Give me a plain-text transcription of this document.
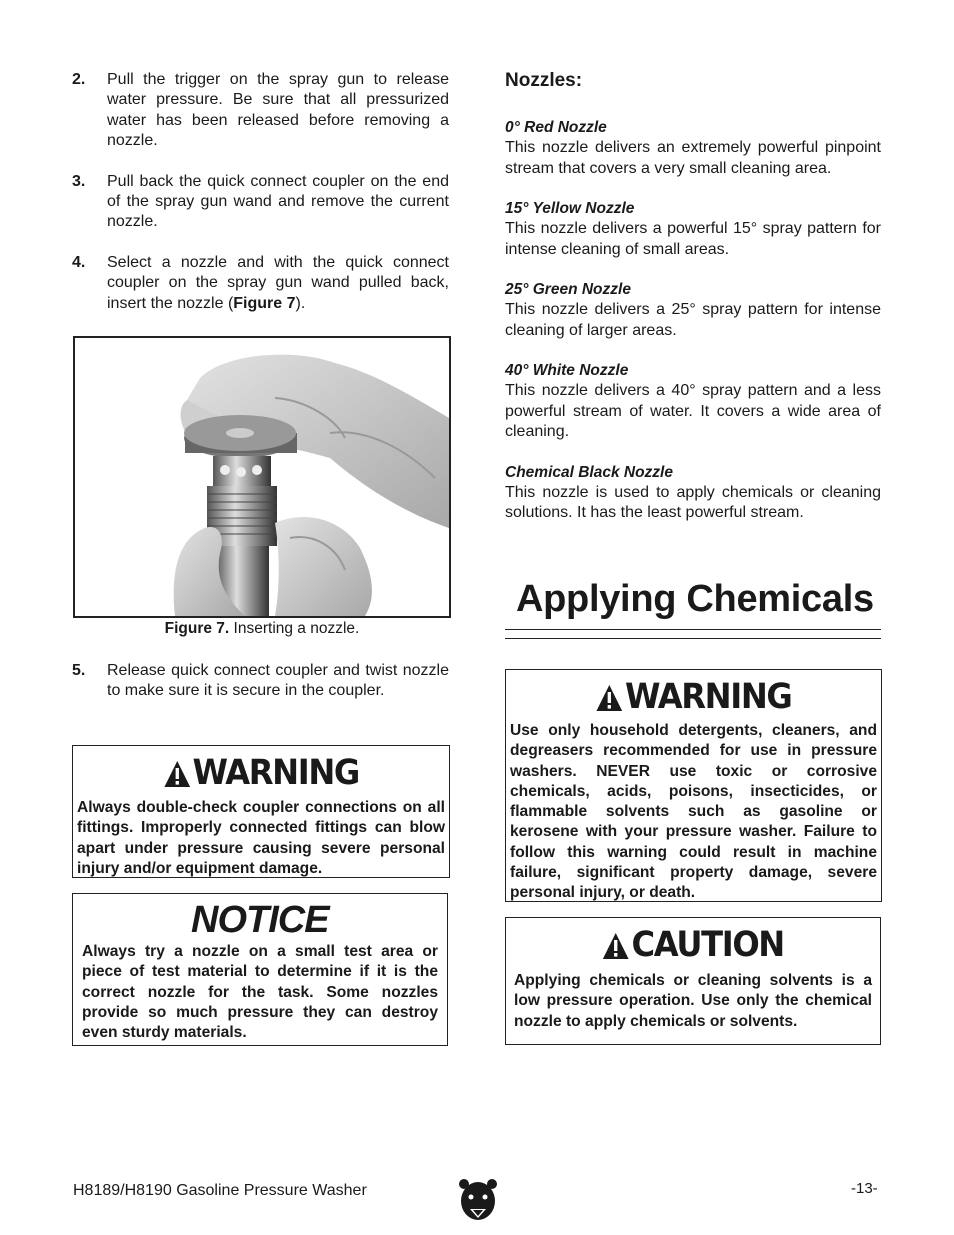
2.	Pull the trigger on the spray gun to release water pressure. Be sure that all pressurized water has been released before removing a nozzle.
3.	Pull back the quick connect coupler on the end of the spray gun wand and remove the current nozzle.
4.	Select a nozzle and with the quick connect coupler on the spray gun wand pulled back, insert the nozzle (Figure 7).
Figure 7. Inserting a nozzle.
5.	Release quick connect coupler and twist nozzle to make sure it is secure in the coupler.
WARNING
Always double-check coupler connections on all fittings. Improperly connected fittings can blow apart under pressure causing severe personal injury and/or equipment damage.
NOTICE
Always try a nozzle on a small test area or piece of test material to determine if it is the correct nozzle for the task. Some nozzles provide so much pressure they can destroy even sturdy materials.
Nozzles:
0° Red Nozzle
This nozzle delivers an extremely powerful pinpoint stream that covers a very small cleaning area.
15° Yellow Nozzle
This nozzle delivers a powerful 15° spray pattern for intense cleaning of small areas.
25° Green Nozzle
This nozzle delivers a 25° spray pattern for intense cleaning of larger areas.
40° White Nozzle
This nozzle delivers a 40° spray pattern and a less powerful stream of water. It covers a wide area of cleaning.
Chemical Black Nozzle
This nozzle is used to apply chemicals or cleaning solutions. It has the least powerful stream.
Applying Chemicals
WARNING
Use only household detergents, cleaners, and degreasers recommended for use in pressure washers. NEVER use toxic or corrosive chemicals, acids, poisons, insecticides, or flammable solvents such as gasoline or kerosene with your pressure washer. Failure to follow this warning could result in machine failure, significant property damage, severe personal injury, or death.
CAUTION
Applying chemicals or cleaning solvents is a low pressure operation. Use only the chemical nozzle to apply chemicals or solvents.
H8189/H8190 Gasoline Pressure Washer	-13-
